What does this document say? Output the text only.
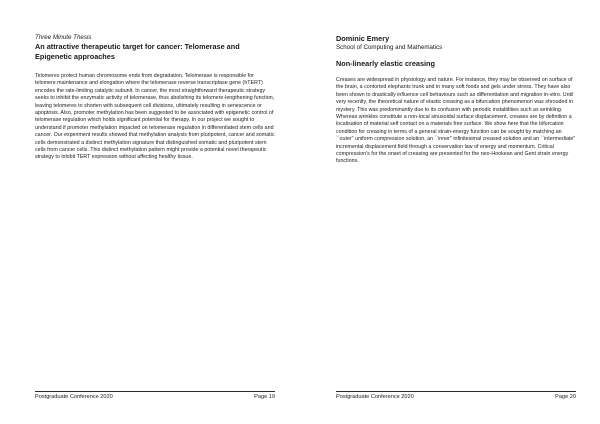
Three Minute Thesis

An attractive therapeutic target for cancer: Telomerase and Epigenetic approaches

Telomeres protect human chromosome ends from degradation. Telomerase is responsible for telomere maintenance and elongation where the telomerase reverse transcriptase gene (hTERT) encodes the rate-limiting catalytic subunit. In cancer, the most straightforward therapeutic strategy seeks to inhibit the enzymatic activity of telomerase, thus abolishing its telomere-lengthening function, leaving telomeres to shorten with subsequent cell divisions, ultimately resulting in senescence or apoptosis. Also, promoter methylation has been suggested to be associated with epigenetic control of telomerase regulation which holds significant potential for therapy. In our project we sought to understand if promoter methylation impacted on telomerase regulation in differentiated stem cells and cancer. Our experiment results showed that methylation analysis from pluripotent, cancer and somatic cells demonstrated a distinct methylation signature that distinguished somatic and pluripotent stem cells from cancer cells. This distinct methylation pattern might provide a potential novel therapeutic strategy to inhibit TERT expression without affecting healthy tissue.

Postgraduate Conference 2020	Page 19

Dominic Emery

School of Computing and Mathematics

Non-linearly elastic creasing

Creases are widespread in physiology and nature. For instance, they may be observed on surface of the brain, a contorted elephants trunk and in many soft foods and gels under stress. They have also been shown to drastically influence cell behaviours such as differentiation and migration in-vitro. Until very recently, the theoretical nature of elastic creasing as a bifurcation phenomenon was shrouded in mystery. This was predominantly due to its confusion with periodic instabilities such as wrinkling. Whereas wrinkles constitute a non-local sinusoidal surface displacement, creases are by definition a localisation of material self contact on a materials free surface. We show here that the bifurcation condition for creasing in terms of a general strain-energy function can be sought by matching an ``outer" uniform compression solution, an ``inner" infinitesimal creased solution and an ``intermediate" incremental displacement field through a conservation law of energy and momentum. Critical compression's for the onset of creasing are presented for the neo-Hookean and Gent strain energy functions.

Postgraduate Conference 2020	Page 20
